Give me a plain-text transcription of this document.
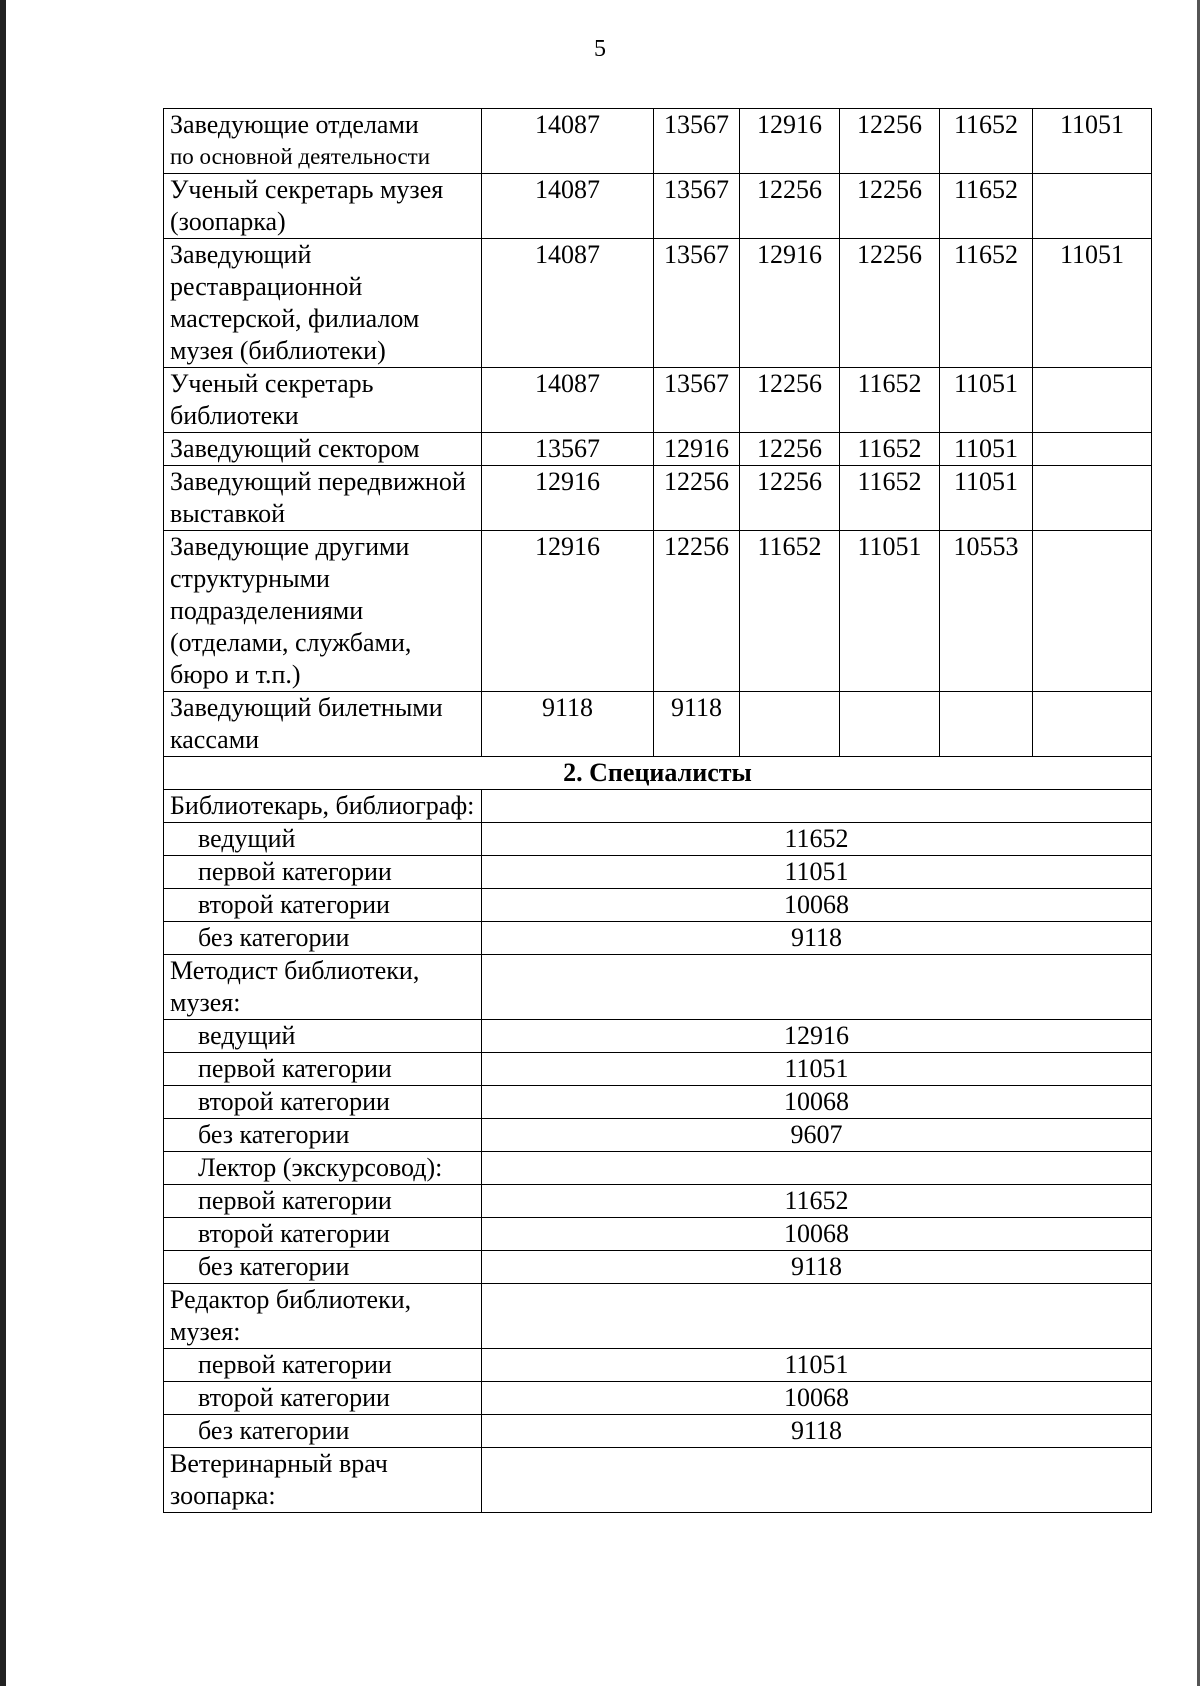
5
Заведующие отделами
по основной деятельности	14087	13567	12916	12256	11652	11051

Ученый секретарь музея
(зоопарка)	14087	13567	12256	12256	11652	
Заведующий реставрационной мастерской, филиалом музея (библиотеки)	14087	13567	12916	12256	11652	11051
Ученый секретарь библиотеки	14087	13567	12256	11652	11051	
Заведующий сектором	13567	12916	12256	11652	11051	
Заведующий передвижной выставкой	12916	12256	12256	11652	11051	
Заведующие другими структурными подразделениями (отделами, службами, бюро и т.п.)	12916	12256	11652	11051	10553	
Заведующий билетными кассами	9118	9118				
2. Специалисты						
Библиотекарь, библиограф:						
ведущий	11652					
первой категории	11051					
второй категории	10068					
без категории	9118					
Методист библиотеки, музея:						
ведущий	12916					
первой категории	11051					
второй категории	10068					
без категории	9607					
Лектор (экскурсовод):						
первой категории	11652					
второй категории	10068					
без категории	9118					
Редактор библиотеки, музея:						
первой категории	11051					
второй категории	10068					
без категории	9118					
Ветеринарный врач зоопарка:						
